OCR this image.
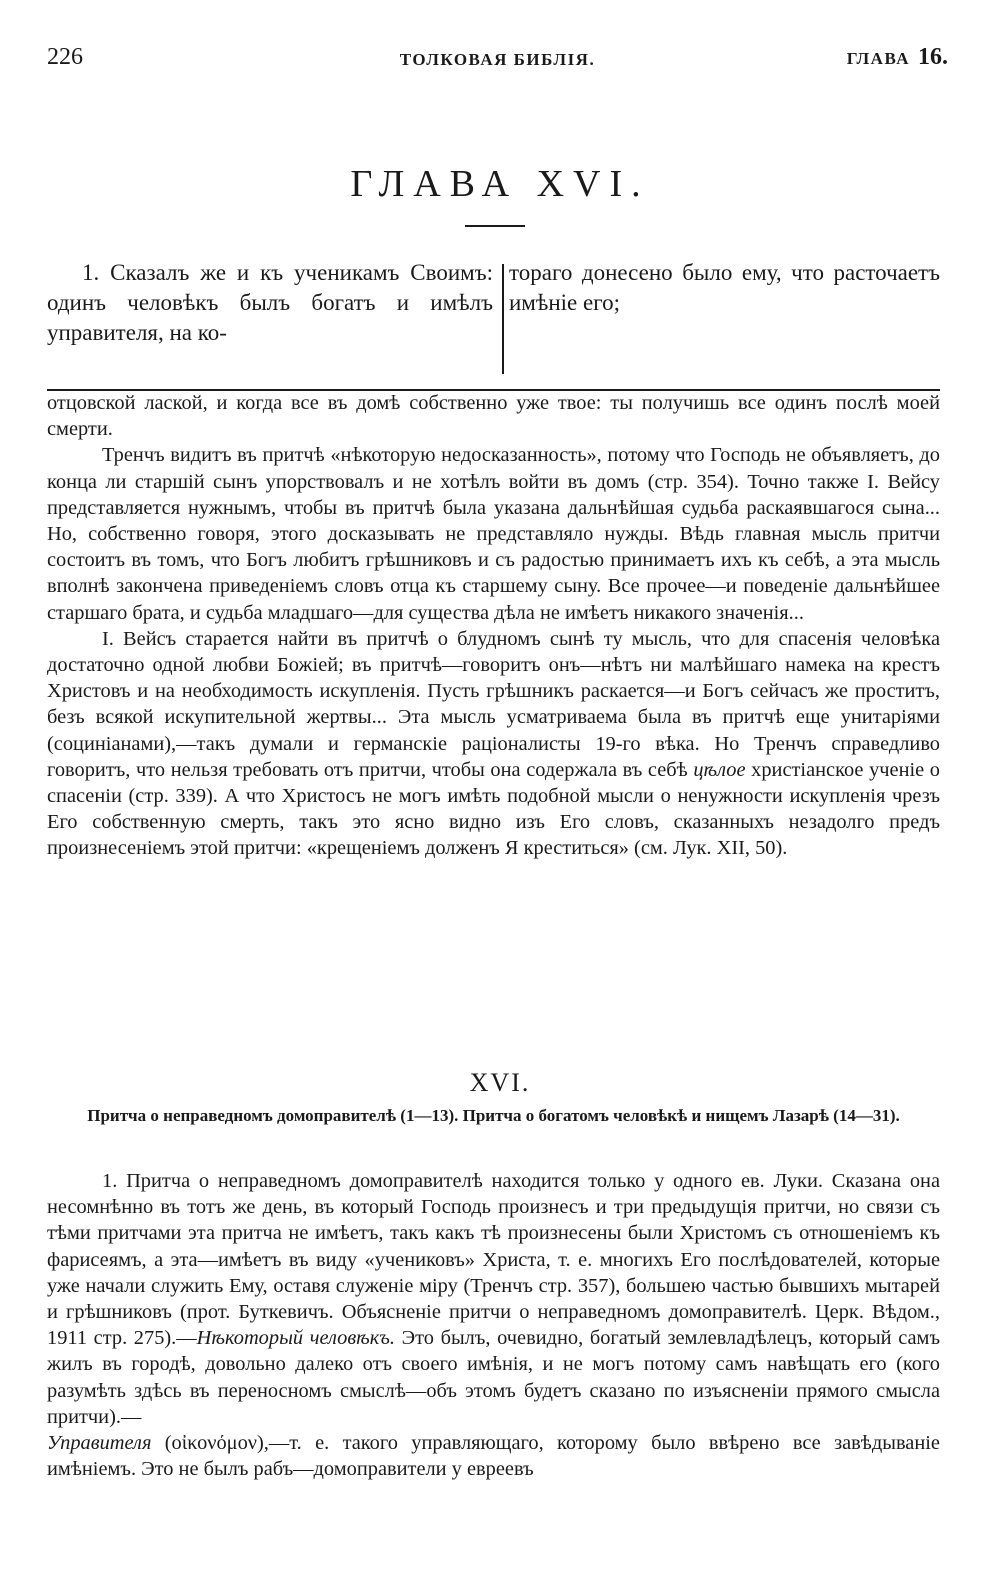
226	ТОЛКОВАЯ БИБЛІЯ.	ГЛАВА 16.
ГЛАВА XVI.
1. Сказалъ же и къ ученикамъ Своимъ: одинъ человѣкъ былъ богатъ и имѣлъ управителя, на ко-
тораго донесено было ему, что расточаетъ имѣніе его;

отцовской лаской, и когда все въ домѣ собственно уже твое: ты получишь все одинъ послѣ моей смерти.

Тренчъ видитъ въ притчѣ «нѣкоторую недосказанность», потому что Господь не объявляетъ, до конца ли старшій сынъ упорствовалъ и не хотѣлъ войти въ домъ (стр. 354). Точно также І. Вейсу представляется нужнымъ, чтобы въ притчѣ была указана дальнѣйшая судьба раскаявшагося сына... Но, собственно говоря, этого досказывать не представляло нужды. Вѣдь главная мысль притчи состоитъ въ томъ, что Богъ любитъ грѣшниковъ и съ радостью принимаетъ ихъ къ себѣ, а эта мысль вполнѣ закончена приведеніемъ словъ отца къ старшему сыну. Все прочее—и поведеніе дальнѣйшее старшаго брата, и судьба младшаго—для существа дѣла не имѣетъ никакого значенія...

І. Вейсъ старается найти въ притчѣ о блудномъ сынѣ ту мысль, что для спасенія человѣка достаточно одной любви Божіей; въ притчѣ—говоритъ онъ—нѣтъ ни малѣйшаго намека на крестъ Христовъ и на необходимость искупленія. Пусть грѣшникъ раскается—и Богъ сейчасъ же проститъ, безъ всякой искупительной жертвы... Эта мысль усматриваема была въ притчѣ еще унитаріями (социніанами),—такъ думали и германскіе раціоналисты 19-го вѣка. Но Тренчъ справедливо говоритъ, что нельзя требовать отъ притчи, чтобы она содержала въ себѣ цѣлое христіанское ученіе о спасеніи (стр. 339). А что Христосъ не могъ имѣть подобной мысли о ненужности искупленія чрезъ Его собственную смерть, такъ это ясно видно изъ Его словъ, сказанныхъ незадолго предъ произнесеніемъ этой притчи: «крещеніемъ долженъ Я креститься» (см. Лук. XII, 50).

XVI.
Притча о неправедномъ домоправителѣ (1—13). Притча о богатомъ человѣкѣ и нищемъ Лазарѣ (14—31).

1. Притча о неправедномъ домоправителѣ находится только у одного ев. Луки. Сказана она несомнѣнно въ тотъ же день, въ который Господь произнесъ и три предыдущія притчи, но связи съ тѣми притчами эта притча не имѣетъ, такъ какъ тѣ произнесены были Христомъ съ отношеніемъ къ фарисеямъ, а эта—имѣетъ въ виду «учениковъ» Христа, т. е. многихъ Его послѣдователей, которые уже начали служить Ему, оставя служеніе міру (Тренчъ стр. 357), большею частью бывшихъ мытарей и грѣшниковъ (прот. Буткевичъ. Объясненіе притчи о неправедномъ домоправителѣ. Церк. Вѣдом., 1911 стр. 275).—Нѣкоторый человѣкъ. Это былъ, очевидно, богатый землевладѣлецъ, который самъ жилъ въ городѣ, довольно далеко отъ своего имѣнія, и не могъ потому самъ навѣщать его (кого разумѣть здѣсь въ переносномъ смыслѣ—объ этомъ будетъ сказано по изъясненіи прямого смысла притчи).—
Управителя (οἰκονόμον),—т. е. такого управляющаго, которому было ввѣрено все завѣдываніе имѣніемъ. Это не былъ рабъ—домоправители у евреевъ
